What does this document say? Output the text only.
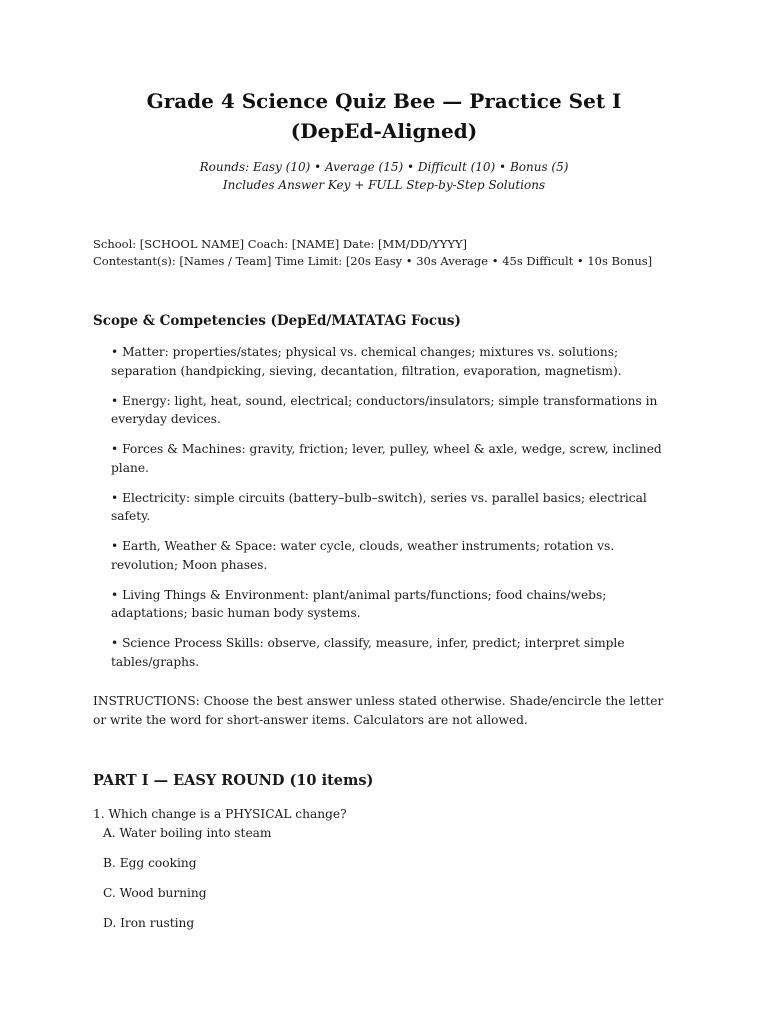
Grade 4 Science Quiz Bee — Practice Set I (DepEd-Aligned)
Rounds: Easy (10) • Average (15) • Difficult (10) • Bonus (5)
Includes Answer Key + FULL Step-by-Step Solutions
School: [SCHOOL NAME] Coach: [NAME] Date: [MM/DD/YYYY]
Contestant(s): [Names / Team] Time Limit: [20s Easy • 30s Average • 45s Difficult • 10s Bonus]
Scope & Competencies (DepEd/MATATAG Focus)
• Matter: properties/states; physical vs. chemical changes; mixtures vs. solutions; separation (handpicking, sieving, decantation, filtration, evaporation, magnetism).
• Energy: light, heat, sound, electrical; conductors/insulators; simple transformations in everyday devices.
• Forces & Machines: gravity, friction; lever, pulley, wheel & axle, wedge, screw, inclined plane.
• Electricity: simple circuits (battery–bulb–switch), series vs. parallel basics; electrical safety.
• Earth, Weather & Space: water cycle, clouds, weather instruments; rotation vs. revolution; Moon phases.
• Living Things & Environment: plant/animal parts/functions; food chains/webs; adaptations; basic human body systems.
• Science Process Skills: observe, classify, measure, infer, predict; interpret simple tables/graphs.
INSTRUCTIONS: Choose the best answer unless stated otherwise. Shade/encircle the letter or write the word for short-answer items. Calculators are not allowed.
PART I — EASY ROUND (10 items)
1. Which change is a PHYSICAL change?
A. Water boiling into steam
B. Egg cooking
C. Wood burning
D. Iron rusting
